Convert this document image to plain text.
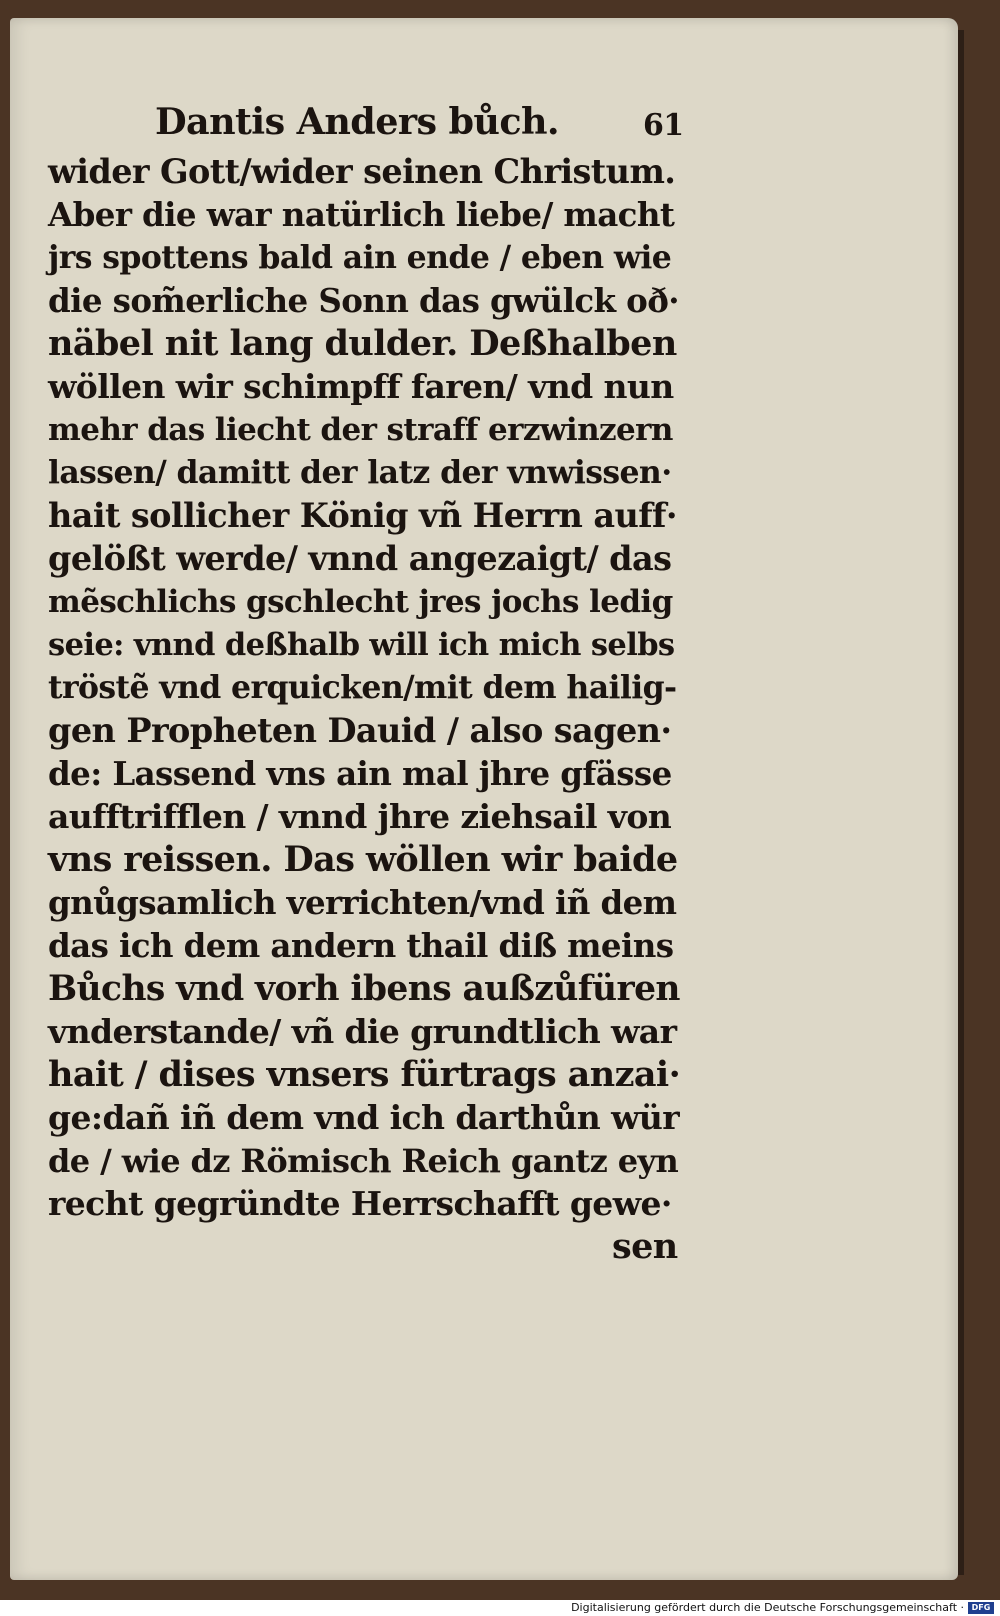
Dantis Anders bůch.	61
wider Gott/wider seinen Christum.
Aber die war natürlich liebe/ macht
jrs spottens bald ain ende / eben wie
die som̃erliche Sonn das gwülck oð·
näbel nit lang dulder. Deßhalben
wöllen wir schimpff faren/ vnd nun
mehr das liecht der straff erzwinzern
lassen/ damitt der latz der vnwissen·
hait sollicher König vñ Herrn auff·
gelößt werde/ vnnd angezaigt/ das
mẽschlichs gschlecht jres jochs ledig
seie: vnnd deßhalb will ich mich selbs
tröstẽ vnd erquicken/mit dem hailig-
gen Propheten Dauid / also sagen·
de: Lassend vns ain mal jhre gfässe
aufftrifflen / vnnd jhre ziehsail von
vns reissen. Das wöllen wir baide
gnůgsamlich verrichten/vnd iñ dem
das ich dem andern thail diß meins
Bůchs vnd vorh ibens außzůfüren
vnderstande/ vñ die grundtlich war
hait / dises vnsers fürtrags anzai·
ge:dañ iñ dem vnd ich darthůn wür
de / wie dz Römisch Reich gantz eyn
recht gegründte Herrschafft gewe·
sen
Digitalisierung gefördert durch die Deutsche Forschungsgemeinschaft · DFG
